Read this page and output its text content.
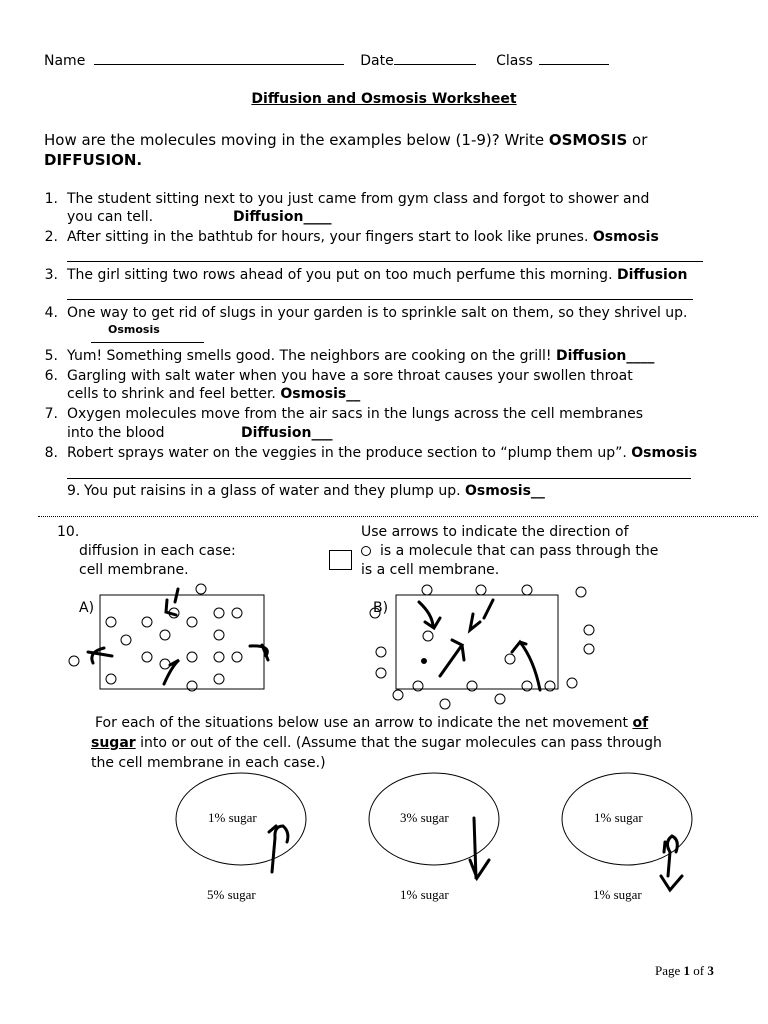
Name	Date	Class
Diffusion and Osmosis Worksheet
How are the molecules moving in the examples below (1-9)? Write OSMOSIS or
DIFFUSION.
1. The student sitting next to you just came from gym class and forgot to shower and
you can tell.	Diffusion____
2. After sitting in the bathtub for hours, your fingers start to look like prunes. Osmosis
3. The girl sitting two rows ahead of you put on too much perfume this morning. Diffusion
4. One way to get rid of slugs in your garden is to sprinkle salt on them, so they shrivel up.
Osmosis
5. Yum! Something smells good. The neighbors are cooking on the grill! Diffusion____
6. Gargling with salt water when you have a sore throat causes your swollen throat
cells to shrink and feel better. Osmosis__
7. Oxygen molecules move from the air sacs in the lungs across the cell membranes
into the blood	Diffusion___
8. Robert sprays water on the veggies in the produce section to “plump them up”. Osmosis
9. You put raisins in a glass of water and they plump up. Osmosis__
10.
diffusion in each case:
cell membrane.
Use arrows to indicate the direction of
is a molecule that can pass through the
is a cell membrane.
A)	B)
For each of the situations below use an arrow to indicate the net movement of
sugar into or out of the cell. (Assume that the sugar molecules can pass through
the cell membrane in each case.)
1% sugar	3% sugar	1% sugar
5% sugar	1% sugar	1% sugar
Page 1 of 3
